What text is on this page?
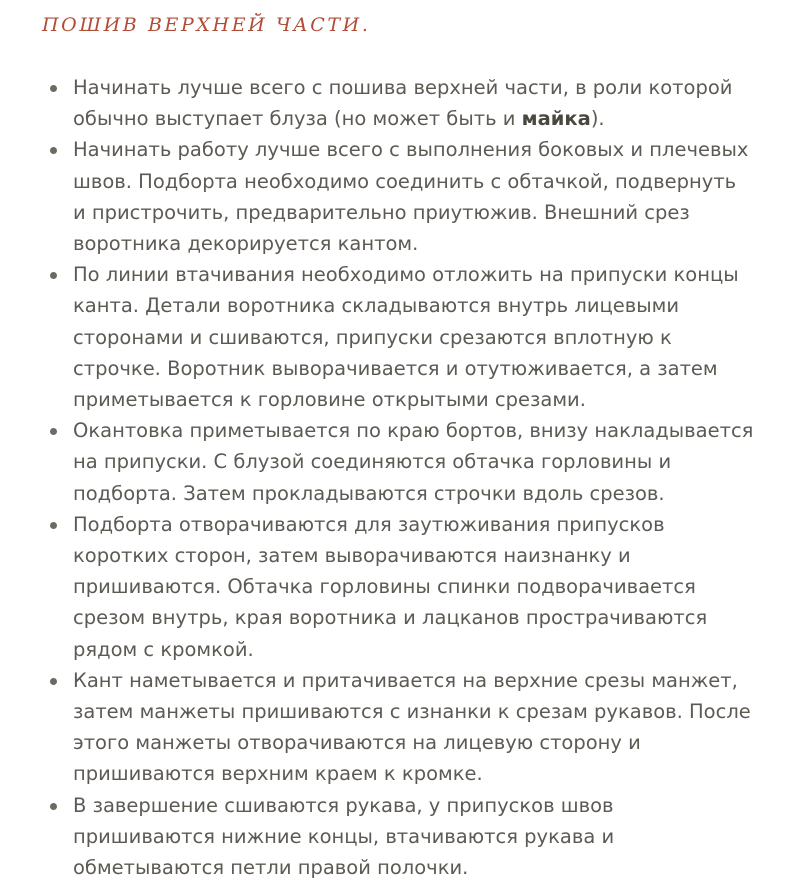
ПОШИВ ВЕРХНЕЙ ЧАСТИ.
Начинать лучше всего с пошива верхней части, в роли которой обычно выступает блуза (но может быть и майка).
Начинать работу лучше всего с выполнения боковых и плечевых швов. Подборта необходимо соединить с обтачкой, подвернуть и пристрочить, предварительно приутюжив. Внешний срез воротника декорируется кантом.
По линии втачивания необходимо отложить на припуски концы канта. Детали воротника складываются внутрь лицевыми сторонами и сшиваются, припуски срезаются вплотную к строчке. Воротник выворачивается и отутюживается, а затем приметывается к горловине открытыми срезами.
Окантовка приметывается по краю бортов, внизу накладывается на припуски. С блузой соединяются обтачка горловины и подборта. Затем прокладываются строчки вдоль срезов.
Подборта отворачиваются для заутюживания припусков коротких сторон, затем выворачиваются наизнанку и пришиваются. Обтачка горловины спинки подворачивается срезом внутрь, края воротника и лацканов прострачиваются рядом с кромкой.
Кант наметывается и притачивается на верхние срезы манжет, затем манжеты пришиваются с изнанки к срезам рукавов. После этого манжеты отворачиваются на лицевую сторону и пришиваются верхним краем к кромке.
В завершение сшиваются рукава, у припусков швов пришиваются нижние концы, втачиваются рукава и обметываются петли правой полочки.
